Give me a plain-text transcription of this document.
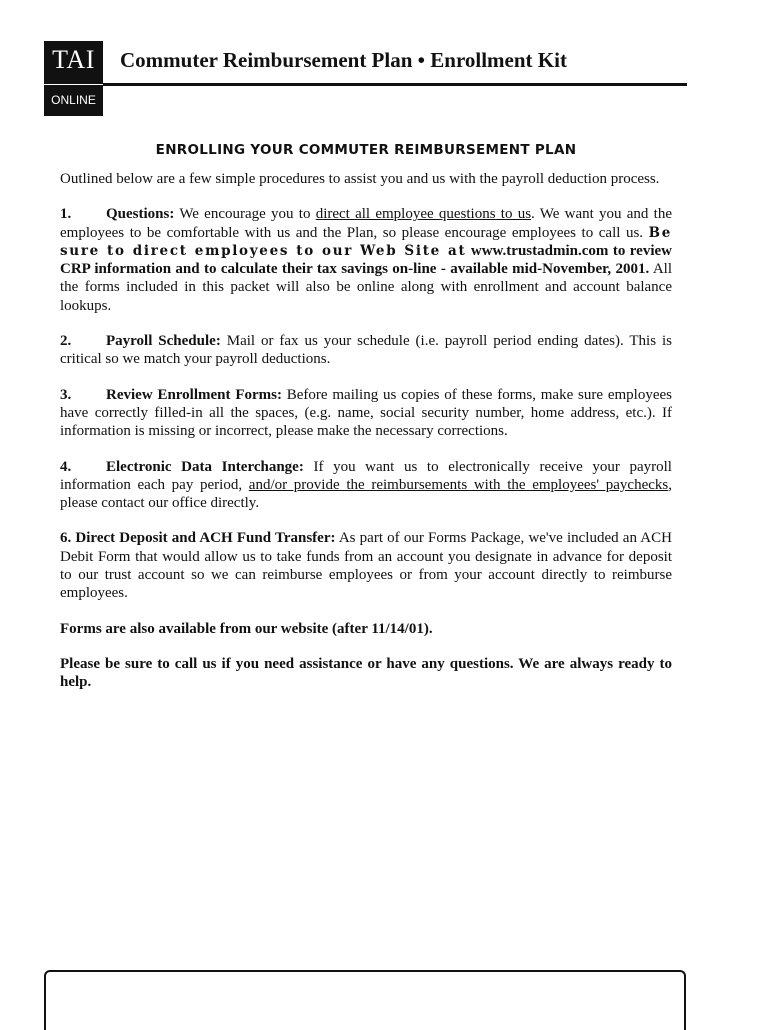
TAI
ONLINE
Commuter Reimbursement Plan • Enrollment Kit
ENROLLING YOUR COMMUTER REIMBURSEMENT PLAN

Outlined below are a few simple procedures to assist you and us with the payroll deduction process.

1. Questions: We encourage you to direct all employee questions to us. We want you and the employees to be comfortable with us and the Plan, so please encourage employees to call us. Be sure to direct employees to our Web Site at www.trustadmin.com to review CRP information and to calculate their tax savings on-line - available mid-November, 2001. All the forms included in this packet will also be online along with enrollment and account balance lookups.

2. Payroll Schedule: Mail or fax us your schedule (i.e. payroll period ending dates). This is critical so we match your payroll deductions.

3. Review Enrollment Forms: Before mailing us copies of these forms, make sure employees have correctly filled-in all the spaces, (e.g. name, social security number, home address, etc.). If information is missing or incorrect, please make the necessary corrections.

4. Electronic Data Interchange: If you want us to electronically receive your payroll information each pay period, and/or provide the reimbursements with the employees' paychecks, please contact our office directly.

6. Direct Deposit and ACH Fund Transfer: As part of our Forms Package, we've included an ACH Debit Form that would allow us to take funds from an account you designate in advance for deposit to our trust account so we can reimburse employees or from your account directly to reimburse employees.

Forms are also available from our website (after 11/14/01).

Please be sure to call us if you need assistance or have any questions. We are always ready to help.
